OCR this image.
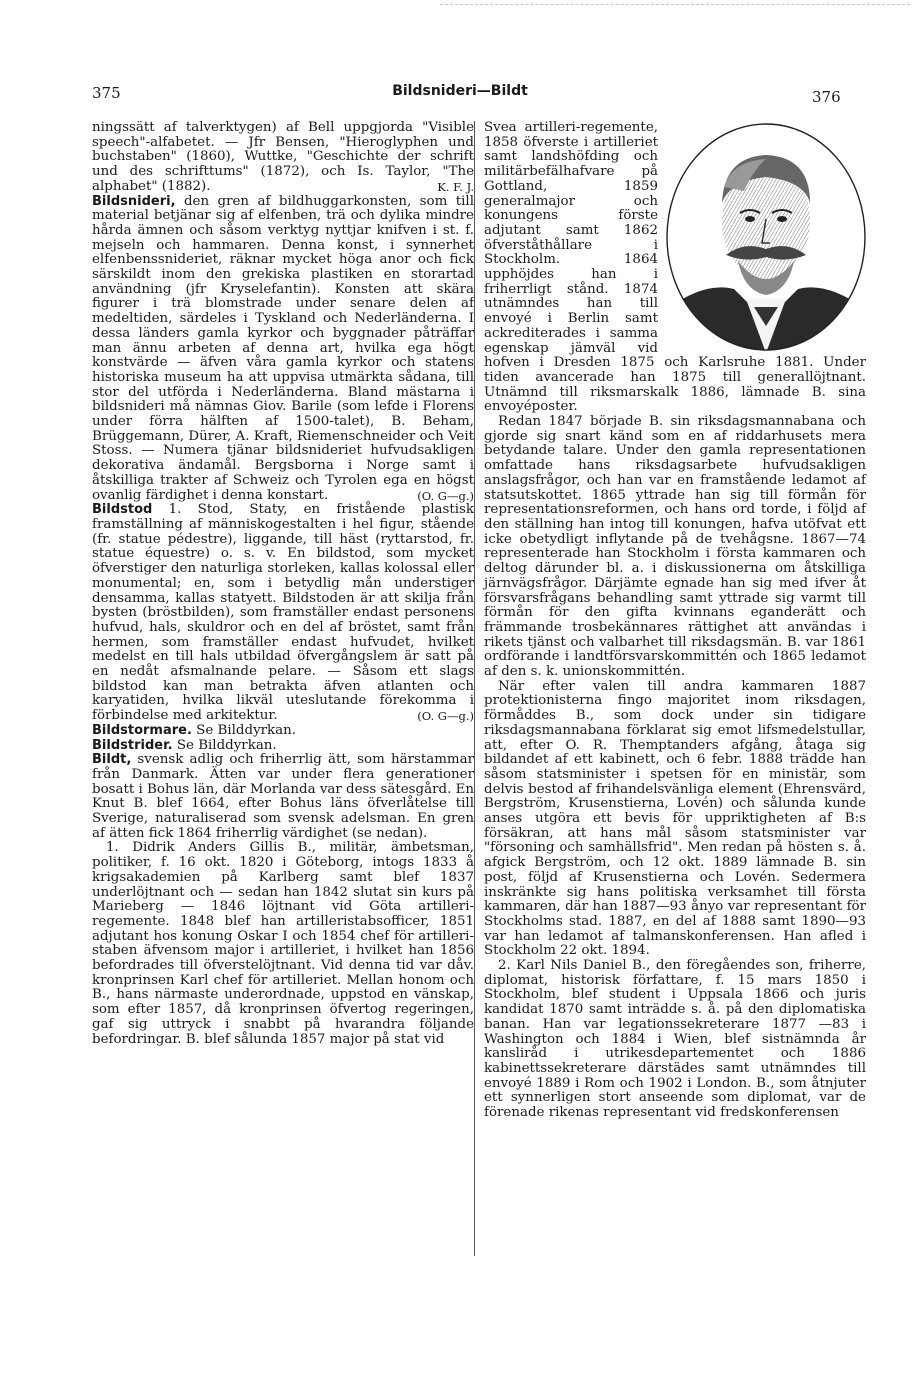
375	Bildsnideri—Bildt	376

ningssätt af talverktygen) af Bell uppgjorda "Visible speech"-alfabetet. — Jfr Bensen, "Hieroglyphen und buchstaben" (1860), Wuttke, "Geschichte der schrift und des schrifttums" (1872), och Is. Taylor, "The alphabet" (1882).	K. F. J.

Bildsnideri, den gren af bildhuggarkonsten, som till material betjänar sig af elfenben, trä och dylika mindre hårda ämnen och såsom verktyg nyttjar knifven i st. f. mejseln och hammaren. Denna konst, i synnerhet elfenbenssnideriet, räknar mycket höga anor och fick särskildt inom den grekiska plastiken en storartad användning (jfr Kryselefantin). Konsten att skära figurer i trä blomstrade under senare delen af medeltiden, särdeles i Tyskland och Nederländerna. I dessa länders gamla kyrkor och byggnader påträffar man ännu arbeten af denna art, hvilka ega högt konstvärde — äfven våra gamla kyrkor och statens historiska museum ha att uppvisa utmärkta sådana, till stor del utförda i Nederländerna. Bland mästarna i bildsnideri må nämnas Giov. Barile (som lefde i Florens under förra hälften af 1500-talet), B. Beham, Brüggemann, Dürer, A. Kraft, Riemenschneider och Veit Stoss. — Numera tjänar bildsnideriet hufvudsakligen dekorativa ändamål. Bergsborna i Norge samt i åtskilliga trakter af Schweiz och Tyrolen ega en högst ovanlig färdighet i denna konstart.	(O. G—g.)

Bildstod 1. Stod, Staty, en fristående plastisk framställning af människogestalten i hel figur, stående (fr. statue pédestre), liggande, till häst (ryttarstod, fr. statue équestre) o. s. v. En bildstod, som mycket öfverstiger den naturliga storleken, kallas kolossal eller monumental; en, som i betydlig mån understiger densamma, kallas statyett. Bildstoden är att skilja från bysten (bröstbilden), som framställer endast personens hufvud, hals, skuldror och en del af bröstet, samt från hermen, som framställer endast hufvudet, hvilket medelst en till hals utbildad öfvergångslem är satt på en nedåt afsmalnande pelare. — Såsom ett slags bildstod kan man betrakta äfven atlanten och karyatiden, hvilka likväl uteslutande förekomma i förbindelse med arkitektur.	(O. G—g.)

Bildstormare. Se Bilddyrkan.

Bildstrider. Se Bilddyrkan.

Bildt, svensk adlig och friherrlig ätt, som härstammar från Danmark. Ätten var under flera generationer bosatt i Bohus län, där Morlanda var dess sätesgård. En Knut B. blef 1664, efter Bohus läns öfverlåtelse till Sverige, naturaliserad som svensk adelsman. En gren af ätten fick 1864 friherrlig värdighet (se nedan).

1. Didrik Anders Gillis B., militär, ämbetsman, politiker, f. 16 okt. 1820 i Göteborg, intogs 1833 å krigsakademien på Karlberg samt blef 1837 underlöjtnant och — sedan han 1842 slutat sin kurs på Marieberg — 1846 löjtnant vid Göta artilleri-regemente. 1848 blef han artilleristabsofficer, 1851 adjutant hos konung Oskar I och 1854 chef för artilleri-staben äfvensom major i artilleriet, i hvilket han 1856 befordrades till öfverstelöjtnant. Vid denna tid var dåv. kronprinsen Karl chef för artilleriet. Mellan honom och B., hans närmaste underordnade, uppstod en vänskap, som efter 1857, då kronprinsen öfvertog regeringen, gaf sig uttryck i snabbt på hvarandra följande befordringar. B. blef sålunda 1857 major på stat vid

Svea artilleri-regemente, 1858 öfverste i artilleriet samt landshöfding och militärbefälhafvare på Gottland, 1859 generalmajor och konungens förste adjutant samt 1862 öfverståthållare i Stockholm. 1864 upphöjdes han i friherrligt stånd. 1874 utnämndes han till envoyé i Berlin samt ackrediterades i samma egenskap jämväl vid hofven i Dresden 1875 och Karlsruhe 1881. Under tiden avancerade han 1875 till generallöjtnant. Utnämnd till riksmarskalk 1886, lämnade B. sina envoyéposter.

Redan 1847 började B. sin riksdagsmannabana och gjorde sig snart känd som en af riddarhusets mera betydande talare. Under den gamla representationen omfattade hans riksdagsarbete hufvudsakligen anslagsfrågor, och han var en framstående ledamot af statsutskottet. 1865 yttrade han sig till förmån för representationsreformen, och hans ord torde, i följd af den ställning han intog till konungen, hafva utöfvat ett icke obetydligt inflytande på de tvehågsne. 1867—74 representerade han Stockholm i första kammaren och deltog därunder bl. a. i diskussionerna om åtskilliga järnvägsfrågor. Därjämte egnade han sig med ifver åt försvarsfrågans behandling samt yttrade sig varmt till förmån för den gifta kvinnans eganderätt och främmande trosbekännares rättighet att användas i rikets tjänst och valbarhet till riksdagsmän. B. var 1861 ordförande i landtförsvarskommittén och 1865 ledamot af den s. k. unionskommittén.

När efter valen till andra kammaren 1887 protektionisterna fingo majoritet inom riksdagen, förmåddes B., som dock under sin tidigare riksdagsmannabana förklarat sig emot lifsmedelstullar, att, efter O. R. Themptanders afgång, åtaga sig bildandet af ett kabinett, och 6 febr. 1888 trädde han såsom statsminister i spetsen för en ministär, som delvis bestod af frihandelsvänliga element (Ehrensvärd, Bergström, Krusenstierna, Lovén) och sålunda kunde anses utgöra ett bevis för uppriktigheten af B:s försäkran, att hans mål såsom statsminister var "försoning och samhällsfrid". Men redan på hösten s. å. afgick Bergström, och 12 okt. 1889 lämnade B. sin post, följd af Krusenstierna och Lovén. Sedermera inskränkte sig hans politiska verksamhet till första kammaren, där han 1887—93 ånyo var representant för Stockholms stad. 1887, en del af 1888 samt 1890—93 var han ledamot af talmanskonferensen. Han afled i Stockholm 22 okt. 1894.

2. Karl Nils Daniel B., den föregåendes son, friherre, diplomat, historisk författare, f. 15 mars 1850 i Stockholm, blef student i Uppsala 1866 och juris kandidat 1870 samt inträdde s. å. på den diplomatiska banan. Han var legationssekreterare 1877 —83 i Washington och 1884 i Wien, blef sistnämnda år kansliråd i utrikesdepartementet och 1886 kabinettssekreterare därstädes samt utnämndes till envoyé 1889 i Rom och 1902 i London. B., som åtnjuter ett synnerligen stort anseende som diplomat, var de förenade rikenas representant vid fredskonferensen
